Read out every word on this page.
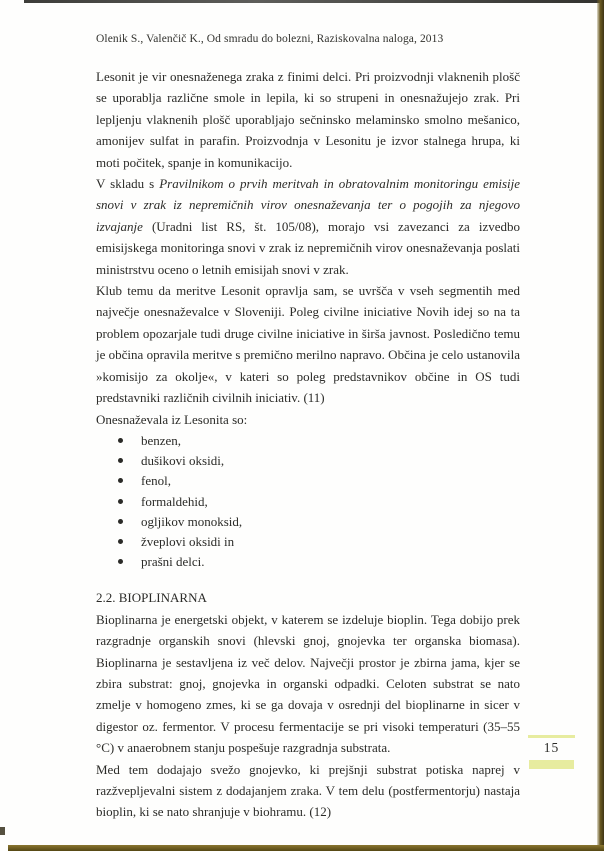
Olenik S., Valenčič K., Od smradu do bolezni, Raziskovalna naloga, 2013
Lesonit je vir onesnaženega zraka z finimi delci. Pri proizvodnji vlaknenih plošč se uporablja različne smole in lepila, ki so strupeni in onesnažujejo zrak. Pri lepljenju vlaknenih plošč uporabljajo sečninsko melaminsko smolno mešanico, amonijev sulfat in parafin. Proizvodnja v Lesonitu je izvor stalnega hrupa, ki moti počitek, spanje in komunikacijo.
V skladu s Pravilnikom o prvih meritvah in obratovalnim monitoringu emisije snovi v zrak iz nepremičnih virov onesnaževanja ter o pogojih za njegovo izvajanje (Uradni list RS, št. 105/08), morajo vsi zavezanci za izvedbo emisijskega monitoringa snovi v zrak iz nepremičnih virov onesnaževanja poslati ministrstvu oceno o letnih emisijah snovi v zrak.
Klub temu da meritve Lesonit opravlja sam, se uvršča v vseh segmentih med največje onesnaževalce v Sloveniji. Poleg civilne iniciative Novih idej so na ta problem opozarjale tudi druge civilne iniciative in širša javnost. Posledično temu je občina opravila meritve s premično merilno napravo. Občina je celo ustanovila »komisijo za okolje«, v kateri so poleg predstavnikov občine in OS tudi predstavniki različnih civilnih iniciativ. (11)
Onesnaževala iz Lesonita so:
benzen,
dušikovi oksidi,
fenol,
formaldehid,
ogljikov monoksid,
žveplovi oksidi in
prašni delci.
2.2. BIOPLINARNA
Bioplinarna je energetski objekt, v katerem se izdeluje bioplin. Tega dobijo prek razgradnje organskih snovi (hlevski gnoj, gnojevka ter organska biomasa). Bioplinarna je sestavljena iz več delov. Največji prostor je zbirna jama, kjer se zbira substrat: gnoj, gnojevka in organski odpadki. Celoten substrat se nato zmelje v homogeno zmes, ki se ga dovaja v osrednji del bioplinarne in sicer v digestor oz. fermentor. V procesu fermentacije se pri visoki temperaturi (35–55 °C) v anaerobnem stanju pospešuje razgradnja substrata.
Med tem dodajajo svežo gnojevko, ki prejšnji substrat potiska naprej v razžvepljevalni sistem z dodajanjem zraka. V tem delu (postfermentorju) nastaja bioplin, ki se nato shranjuje v biohramu. (12)
15
